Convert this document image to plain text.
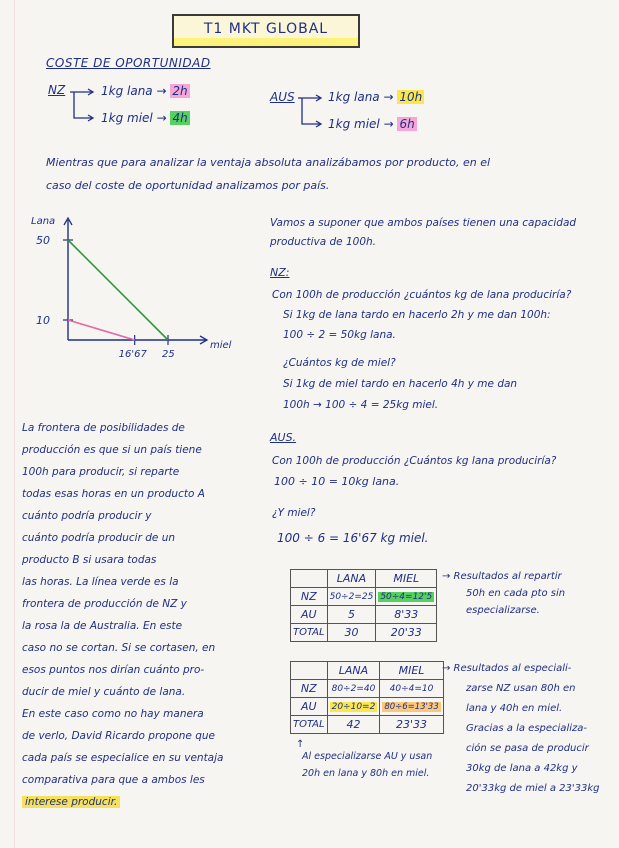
T1 MKT GLOBAL
COSTE DE OPORTUNIDAD
NZ	1kg lana → 2h
1kg miel → 4h
AUS	1kg lana → 10h
1kg miel → 6h
Mientras que para analizar la ventaja absoluta analizábamos por producto, en el
caso del coste de oportunidad analizamos por país.
Lana
miel
50
10
16'67 25
Vamos a suponer que ambos países tienen una capacidad
productiva de 100h.
NZ:
Con 100h de producción ¿cuántos kg de lana produciría?
Si 1kg de lana tardo en hacerlo 2h y me dan 100h:
100 ÷ 2 = 50kg lana.
¿Cuántos kg de miel?
Si 1kg de miel tardo en hacerlo 4h y me dan
100h → 100 ÷ 4 = 25kg miel.
AUS.
Con 100h de producción ¿Cuántos kg lana produciría?
100 ÷ 10 = 10kg lana.
¿Y miel?
100 ÷ 6 = 16'67 kg miel.
La frontera de posibilidades de
producción es que si un país tiene
100h para producir, si reparte
todas esas horas en un producto A
cuánto podría producir y
cuánto podría producir de un
producto B si usara todas
las horas. La línea verde es la
frontera de producción de NZ y
la rosa la de Australia. En este
caso no se cortan. Si se cortasen, en
esos puntos nos dirían cuánto pro-
ducir de miel y cuánto de lana.
En este caso como no hay manera
de verlo, David Ricardo propone que
cada país se especialice en su ventaja
comparativa para que a ambos les
interese producir.
	LANA	MIEL
NZ	50÷2=25	50÷4=12'5
AU	5	8'33
TOTAL	30	20'33
→ Resultados al repartir
50h en cada pto sin
especializarse.
	LANA	MIEL
NZ	80÷2=40	40÷4=10
AU	20÷10=2	80÷6=13'33
TOTAL	42	23'33
→ Resultados al especiali-
zarse NZ usan 80h en
lana y 40h en miel.
Gracias a la especializa-
ción se pasa de producir
30kg de lana a 42kg y
20'33kg de miel a 23'33kg
↑
Al especializarse AU y usan
20h en lana y 80h en miel.
